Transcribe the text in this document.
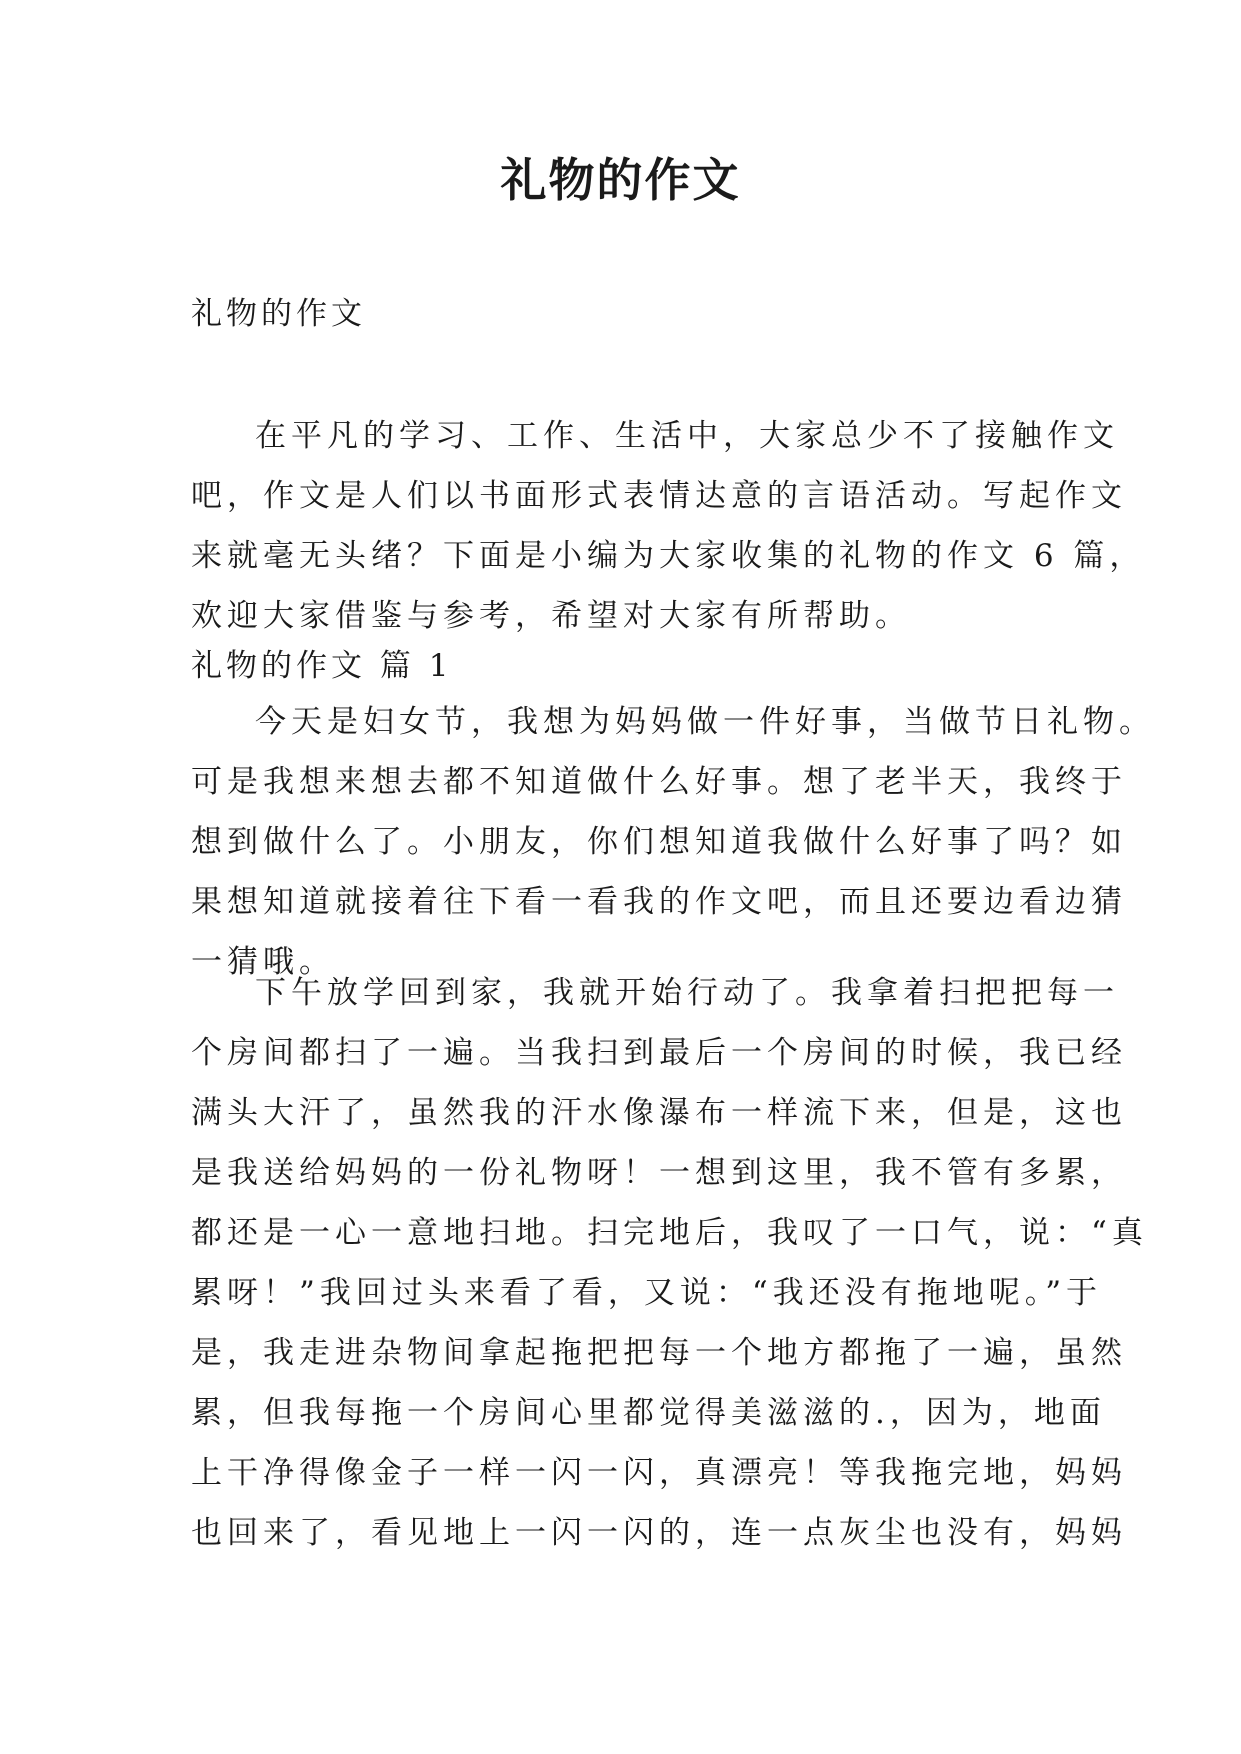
礼物的作文
礼物的作文
在平凡的学习、工作、生活中，大家总少不了接触作文
吧，作文是人们以书面形式表情达意的言语活动。写起作文
来就毫无头绪？下面是小编为大家收集的礼物的作文 6 篇，
欢迎大家借鉴与参考，希望对大家有所帮助。
礼物的作文 篇 1
今天是妇女节，我想为妈妈做一件好事，当做节日礼物。
可是我想来想去都不知道做什么好事。想了老半天，我终于
想到做什么了。小朋友，你们想知道我做什么好事了吗？如
果想知道就接着往下看一看我的作文吧，而且还要边看边猜
一猜哦。
下午放学回到家，我就开始行动了。我拿着扫把把每一
个房间都扫了一遍。当我扫到最后一个房间的时候，我已经
满头大汗了，虽然我的汗水像瀑布一样流下来，但是，这也
是我送给妈妈的一份礼物呀！一想到这里，我不管有多累，
都还是一心一意地扫地。扫完地后，我叹了一口气，说：“真
累呀！”我回过头来看了看，又说：“我还没有拖地呢。”于
是，我走进杂物间拿起拖把把每一个地方都拖了一遍，虽然
累，但我每拖一个房间心里都觉得美滋滋的.，因为，地面
上干净得像金子一样一闪一闪，真漂亮！等我拖完地，妈妈
也回来了，看见地上一闪一闪的，连一点灰尘也没有，妈妈
